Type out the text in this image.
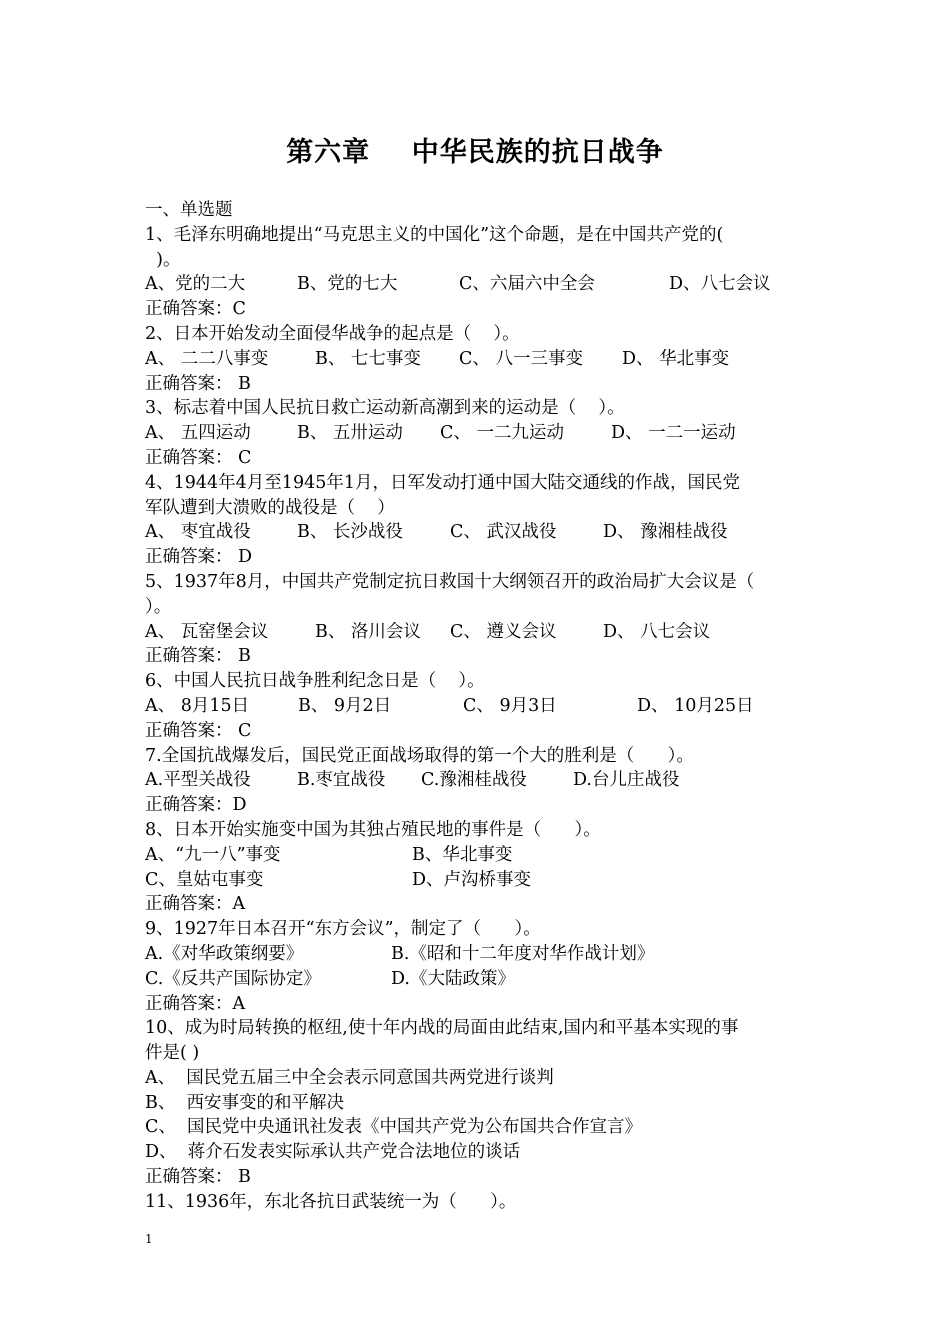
第六章    中华民族的抗日战争
一、单选题
1、毛泽东明确地提出“马克思主义的中国化”这个命题，是在中国共产党的(
)。
A、党的二大	B、党的七大	C、六届六中全会	D、八七会议
正确答案：C
2、日本开始发动全面侵华战争的起点是（    ）。
A、 二二八事变	B、 七七事变	C、 八一三事变	D、 华北事变
正确答案： B
3、标志着中国人民抗日救亡运动新高潮到来的运动是（    ）。
A、 五四运动	B、 五卅运动	C、 一二九运动	D、 一二一运动
正确答案： C
4、1944年4月至1945年1月，日军发动打通中国大陆交通线的作战，国民党
军队遭到大溃败的战役是（    ）
A、 枣宜战役	B、 长沙战役	C、 武汉战役	D、 豫湘桂战役
正确答案： D
5、1937年8月，中国共产党制定抗日救国十大纲领召开的政治局扩大会议是（
）。
A、 瓦窑堡会议	B、 洛川会议	C、 遵义会议	D、 八七会议
正确答案： B
6、中国人民抗日战争胜利纪念日是（    ）。
A、 8月15日	B、 9月2日	C、 9月3日	D、 10月25日
正确答案： C
7.全国抗战爆发后，国民党正面战场取得的第一个大的胜利是（      ）。
A.平型关战役	B.枣宜战役	C.豫湘桂战役	D.台儿庄战役
正确答案：D
8、日本开始实施变中国为其独占殖民地的事件是（      ）。
A、“九一八”事变	B、华北事变
C、皇姑屯事变	D、卢沟桥事变
正确答案：A
9、1927年日本召开“东方会议”，制定了（      ）。
A.《对华政策纲要》	B.《昭和十二年度对华作战计划》
C.《反共产国际协定》	D.《大陆政策》
正确答案：A
10、成为时局转换的枢纽,使十年内战的局面由此结束,国内和平基本实现的事
件是( )
A、  国民党五届三中全会表示同意国共两党进行谈判
B、  西安事变的和平解决
C、  国民党中央通讯社发表《中国共产党为公布国共合作宣言》
D、  蒋介石发表实际承认共产党合法地位的谈话
正确答案： B
11、1936年，东北各抗日武装统一为（      ）。
1
